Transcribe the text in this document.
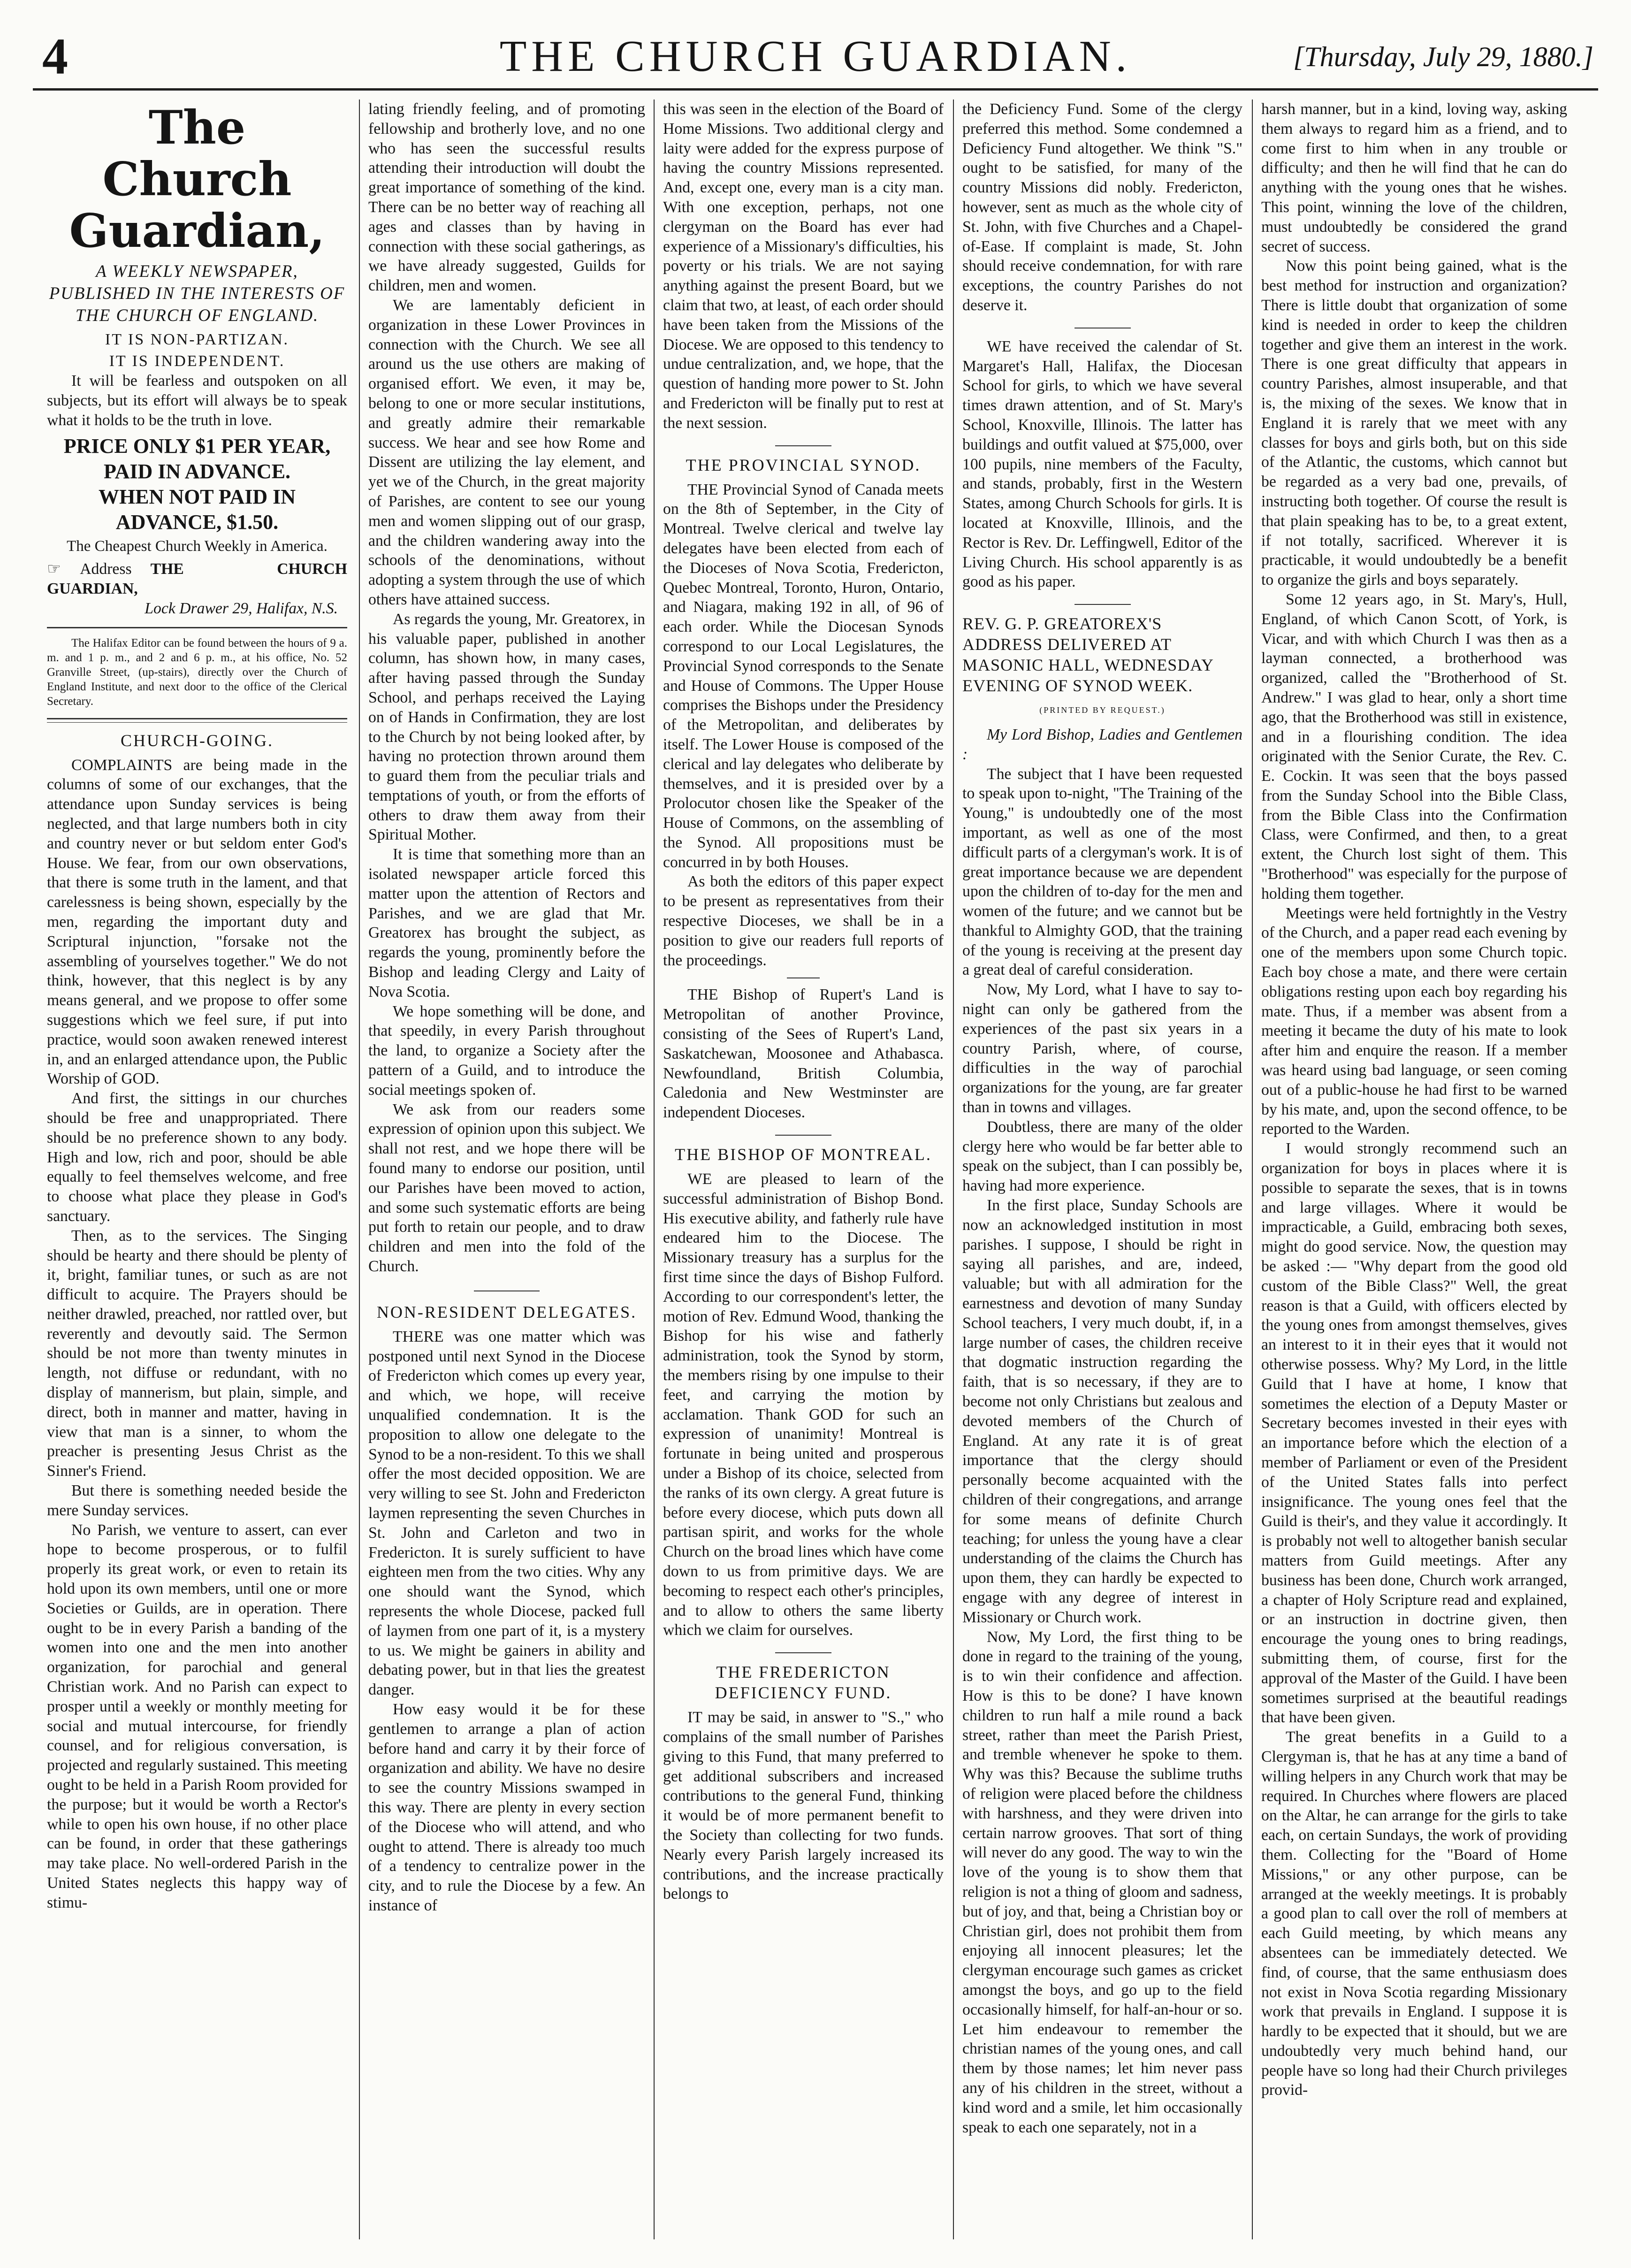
4	THE CHURCH GUARDIAN.	[Thursday, July 29, 1880.]
The Church Guardian,
A WEEKLY NEWSPAPER, PUBLISHED IN THE INTERESTS OF THE CHURCH OF ENGLAND.
IT IS NON-PARTIZAN.
IT IS INDEPENDENT.

It will be fearless and outspoken on all subjects, but its effort will always be to speak what it holds to be the truth in love.

PRICE ONLY $1 PER YEAR, PAID IN ADVANCE.
WHEN NOT PAID IN ADVANCE, $1.50.
The Cheapest Church Weekly in America.
☞ Address THE CHURCH GUARDIAN,
Lock Drawer 29, Halifax, N.S.

The Halifax Editor can be found between the hours of 9 a. m. and 1 p. m., and 2 and 6 p. m., at his office, No. 52 Granville Street, (up-stairs), directly over the Church of England Institute, and next door to the office of the Clerical Secretary.

CHURCH-GOING.

COMPLAINTS are being made in the columns of some of our exchanges, that the attendance upon Sunday services is being neglected, and that large numbers both in city and country never or but seldom enter God's House. We fear, from our own observations, that there is some truth in the lament, and that carelessness is being shown, especially by the men, regarding the important duty and Scriptural injunction, "forsake not the assembling of yourselves together." We do not think, however, that this neglect is by any means general, and we propose to offer some suggestions which we feel sure, if put into practice, would soon awaken renewed interest in, and an enlarged attendance upon, the Public Worship of GOD.

And first, the sittings in our churches should be free and unappropriated. There should be no preference shown to any body. High and low, rich and poor, should be able equally to feel themselves welcome, and free to choose what place they please in God's sanctuary.

Then, as to the services. The Singing should be hearty and there should be plenty of it, bright, familiar tunes, or such as are not difficult to acquire. The Prayers should be neither drawled, preached, nor rattled over, but reverently and devoutly said. The Sermon should be not more than twenty minutes in length, not diffuse or redundant, with no display of mannerism, but plain, simple, and direct, both in manner and matter, having in view that man is a sinner, to whom the preacher is presenting Jesus Christ as the Sinner's Friend.

But there is something needed beside the mere Sunday services.

No Parish, we venture to assert, can ever hope to become prosperous, or to fulfil properly its great work, or even to retain its hold upon its own members, until one or more Societies or Guilds, are in operation. There ought to be in every Parish a banding of the women into one and the men into another organization, for parochial and general Christian work. And no Parish can expect to prosper until a weekly or monthly meeting for social and mutual intercourse, for friendly counsel, and for religious conversation, is projected and regularly sustained. This meeting ought to be held in a Parish Room provided for the purpose; but it would be worth a Rector's while to open his own house, if no other place can be found, in order that these gatherings may take place. No well-ordered Parish in the United States neglects this happy way of stimu-

lating friendly feeling, and of promoting fellowship and brotherly love, and no one who has seen the successful results attending their introduction will doubt the great importance of something of the kind. There can be no better way of reaching all ages and classes than by having in connection with these social gatherings, as we have already suggested, Guilds for children, men and women.

We are lamentably deficient in organization in these Lower Provinces in connection with the Church. We see all around us the use others are making of organised effort. We even, it may be, belong to one or more secular institutions, and greatly admire their remarkable success. We hear and see how Rome and Dissent are utilizing the lay element, and yet we of the Church, in the great majority of Parishes, are content to see our young men and women slipping out of our grasp, and the children wandering away into the schools of the denominations, without adopting a system through the use of which others have attained success.

As regards the young, Mr. Greatorex, in his valuable paper, published in another column, has shown how, in many cases, after having passed through the Sunday School, and perhaps received the Laying on of Hands in Confirmation, they are lost to the Church by not being looked after, by having no protection thrown around them to guard them from the peculiar trials and temptations of youth, or from the efforts of others to draw them away from their Spiritual Mother.

It is time that something more than an isolated newspaper article forced this matter upon the attention of Rectors and Parishes, and we are glad that Mr. Greatorex has brought the subject, as regards the young, prominently before the Bishop and leading Clergy and Laity of Nova Scotia.

We hope something will be done, and that speedily, in every Parish throughout the land, to organize a Society after the pattern of a Guild, and to introduce the social meetings spoken of.

We ask from our readers some expression of opinion upon this subject. We shall not rest, and we hope there will be found many to endorse our position, until our Parishes have been moved to action, and some such systematic efforts are being put forth to retain our people, and to draw children and men into the fold of the Church.

NON-RESIDENT DELEGATES.

THERE was one matter which was postponed until next Synod in the Diocese of Fredericton which comes up every year, and which, we hope, will receive unqualified condemnation. It is the proposition to allow one delegate to the Synod to be a non-resident. To this we shall offer the most decided opposition. We are very willing to see St. John and Fredericton laymen representing the seven Churches in St. John and Carleton and two in Fredericton. It is surely sufficient to have eighteen men from the two cities. Why any one should want the Synod, which represents the whole Diocese, packed full of laymen from one part of it, is a mystery to us. We might be gainers in ability and debating power, but in that lies the greatest danger.

How easy would it be for these gentlemen to arrange a plan of action before hand and carry it by their force of organization and ability. We have no desire to see the country Missions swamped in this way. There are plenty in every section of the Diocese who will attend, and who ought to attend. There is already too much of a tendency to centralize power in the city, and to rule the Diocese by a few. An instance of

this was seen in the election of the Board of Home Missions. Two additional clergy and laity were added for the express purpose of having the country Missions represented. And, except one, every man is a city man. With one exception, perhaps, not one clergyman on the Board has ever had experience of a Missionary's difficulties, his poverty or his trials. We are not saying anything against the present Board, but we claim that two, at least, of each order should have been taken from the Missions of the Diocese. We are opposed to this tendency to undue centralization, and, we hope, that the question of handing more power to St. John and Fredericton will be finally put to rest at the next session.

THE PROVINCIAL SYNOD.

THE Provincial Synod of Canada meets on the 8th of September, in the City of Montreal. Twelve clerical and twelve lay delegates have been elected from each of the Dioceses of Nova Scotia, Fredericton, Quebec Montreal, Toronto, Huron, Ontario, and Niagara, making 192 in all, of 96 of each order. While the Diocesan Synods correspond to our Local Legislatures, the Provincial Synod corresponds to the Senate and House of Commons. The Upper House comprises the Bishops under the Presidency of the Metropolitan, and deliberates by itself. The Lower House is composed of the clerical and lay delegates who deliberate by themselves, and it is presided over by a Prolocutor chosen like the Speaker of the House of Commons, on the assembling of the Synod. All propositions must be concurred in by both Houses.

As both the editors of this paper expect to be present as representatives from their respective Dioceses, we shall be in a position to give our readers full reports of the proceedings.

THE Bishop of Rupert's Land is Metropolitan of another Province, consisting of the Sees of Rupert's Land, Saskatchewan, Moosonee and Athabasca. Newfoundland, British Columbia, Caledonia and New Westminster are independent Dioceses.

THE BISHOP OF MONTREAL.

WE are pleased to learn of the successful administration of Bishop Bond. His executive ability, and fatherly rule have endeared him to the Diocese. The Missionary treasury has a surplus for the first time since the days of Bishop Fulford. According to our correspondent's letter, the motion of Rev. Edmund Wood, thanking the Bishop for his wise and fatherly administration, took the Synod by storm, the members rising by one impulse to their feet, and carrying the motion by acclamation. Thank GOD for such an expression of unanimity! Montreal is fortunate in being united and prosperous under a Bishop of its choice, selected from the ranks of its own clergy. A great future is before every diocese, which puts down all partisan spirit, and works for the whole Church on the broad lines which have come down to us from primitive days. We are becoming to respect each other's principles, and to allow to others the same liberty which we claim for ourselves.

THE FREDERICTON DEFICIENCY FUND.

IT may be said, in answer to "S.," who complains of the small number of Parishes giving to this Fund, that many preferred to get additional subscribers and increased contributions to the general Fund, thinking it would be of more permanent benefit to the Society than collecting for two funds. Nearly every Parish largely increased its contributions, and the increase practically belongs to

the Deficiency Fund. Some of the clergy preferred this method. Some condemned a Deficiency Fund altogether. We think "S." ought to be satisfied, for many of the country Missions did nobly. Fredericton, however, sent as much as the whole city of St. John, with five Churches and a Chapel-of-Ease. If complaint is made, St. John should receive condemnation, for with rare exceptions, the country Parishes do not deserve it.

WE have received the calendar of St. Margaret's Hall, Halifax, the Diocesan School for girls, to which we have several times drawn attention, and of St. Mary's School, Knoxville, Illinois. The latter has buildings and outfit valued at $75,000, over 100 pupils, nine members of the Faculty, and stands, probably, first in the Western States, among Church Schools for girls. It is located at Knoxville, Illinois, and the Rector is Rev. Dr. Leffingwell, Editor of the Living Church. His school apparently is as good as his paper.

REV. G. P. GREATOREX'S ADDRESS DELIVERED AT MASONIC HALL, WEDNESDAY EVENING OF SYNOD WEEK.
(PRINTED BY REQUEST.)

My Lord Bishop, Ladies and Gentlemen :

The subject that I have been requested to speak upon to-night, "The Training of the Young," is undoubtedly one of the most important, as well as one of the most difficult parts of a clergyman's work. It is of great importance because we are dependent upon the children of to-day for the men and women of the future; and we cannot but be thankful to Almighty GOD, that the training of the young is receiving at the present day a great deal of careful consideration.

Now, My Lord, what I have to say to-night can only be gathered from the experiences of the past six years in a country Parish, where, of course, difficulties in the way of parochial organizations for the young, are far greater than in towns and villages.

Doubtless, there are many of the older clergy here who would be far better able to speak on the subject, than I can possibly be, having had more experience.

In the first place, Sunday Schools are now an acknowledged institution in most parishes. I suppose, I should be right in saying all parishes, and are, indeed, valuable; but with all admiration for the earnestness and devotion of many Sunday School teachers, I very much doubt, if, in a large number of cases, the children receive that dogmatic instruction regarding the faith, that is so necessary, if they are to become not only Christians but zealous and devoted members of the Church of England. At any rate it is of great importance that the clergy should personally become acquainted with the children of their congregations, and arrange for some means of definite Church teaching; for unless the young have a clear understanding of the claims the Church has upon them, they can hardly be expected to engage with any degree of interest in Missionary or Church work.

Now, My Lord, the first thing to be done in regard to the training of the young, is to win their confidence and affection. How is this to be done? I have known children to run half a mile round a back street, rather than meet the Parish Priest, and tremble whenever he spoke to them. Why was this? Because the sublime truths of religion were placed before the childness with harshness, and they were driven into certain narrow grooves. That sort of thing will never do any good. The way to win the love of the young is to show them that religion is not a thing of gloom and sadness, but of joy, and that, being a Christian boy or Christian girl, does not prohibit them from enjoying all innocent pleasures; let the clergyman encourage such games as cricket amongst the boys, and go up to the field occasionally himself, for half-an-hour or so. Let him endeavour to remember the christian names of the young ones, and call them by those names; let him never pass any of his children in the street, without a kind word and a smile, let him occasionally speak to each one separately, not in a

harsh manner, but in a kind, loving way, asking them always to regard him as a friend, and to come first to him when in any trouble or difficulty; and then he will find that he can do anything with the young ones that he wishes. This point, winning the love of the children, must undoubtedly be considered the grand secret of success.

Now this point being gained, what is the best method for instruction and organization? There is little doubt that organization of some kind is needed in order to keep the children together and give them an interest in the work. There is one great difficulty that appears in country Parishes, almost insuperable, and that is, the mixing of the sexes. We know that in England it is rarely that we meet with any classes for boys and girls both, but on this side of the Atlantic, the customs, which cannot but be regarded as a very bad one, prevails, of instructing both together. Of course the result is that plain speaking has to be, to a great extent, if not totally, sacrificed. Wherever it is practicable, it would undoubtedly be a benefit to organize the girls and boys separately.

Some 12 years ago, in St. Mary's, Hull, England, of which Canon Scott, of York, is Vicar, and with which Church I was then as a layman connected, a brotherhood was organized, called the "Brotherhood of St. Andrew." I was glad to hear, only a short time ago, that the Brotherhood was still in existence, and in a flourishing condition. The idea originated with the Senior Curate, the Rev. C. E. Cockin. It was seen that the boys passed from the Sunday School into the Bible Class, from the Bible Class into the Confirmation Class, were Confirmed, and then, to a great extent, the Church lost sight of them. This "Brotherhood" was especially for the purpose of holding them together.

Meetings were held fortnightly in the Vestry of the Church, and a paper read each evening by one of the members upon some Church topic. Each boy chose a mate, and there were certain obligations resting upon each boy regarding his mate. Thus, if a member was absent from a meeting it became the duty of his mate to look after him and enquire the reason. If a member was heard using bad language, or seen coming out of a public-house he had first to be warned by his mate, and, upon the second offence, to be reported to the Warden.

I would strongly recommend such an organization for boys in places where it is possible to separate the sexes, that is in towns and large villages. Where it would be impracticable, a Guild, embracing both sexes, might do good service. Now, the question may be asked :— "Why depart from the good old custom of the Bible Class?" Well, the great reason is that a Guild, with officers elected by the young ones from amongst themselves, gives an interest to it in their eyes that it would not otherwise possess. Why? My Lord, in the little Guild that I have at home, I know that sometimes the election of a Deputy Master or Secretary becomes invested in their eyes with an importance before which the election of a member of Parliament or even of the President of the United States falls into perfect insignificance. The young ones feel that the Guild is their's, and they value it accordingly. It is probably not well to altogether banish secular matters from Guild meetings. After any business has been done, Church work arranged, a chapter of Holy Scripture read and explained, or an instruction in doctrine given, then encourage the young ones to bring readings, submitting them, of course, first for the approval of the Master of the Guild. I have been sometimes surprised at the beautiful readings that have been given.

The great benefits in a Guild to a Clergyman is, that he has at any time a band of willing helpers in any Church work that may be required. In Churches where flowers are placed on the Altar, he can arrange for the girls to take each, on certain Sundays, the work of providing them. Collecting for the "Board of Home Missions," or any other purpose, can be arranged at the weekly meetings. It is probably a good plan to call over the roll of members at each Guild meeting, by which means any absentees can be immediately detected. We find, of course, that the same enthusiasm does not exist in Nova Scotia regarding Missionary work that prevails in England. I suppose it is hardly to be expected that it should, but we are undoubtedly very much behind hand, our people have so long had their Church privileges provid-
